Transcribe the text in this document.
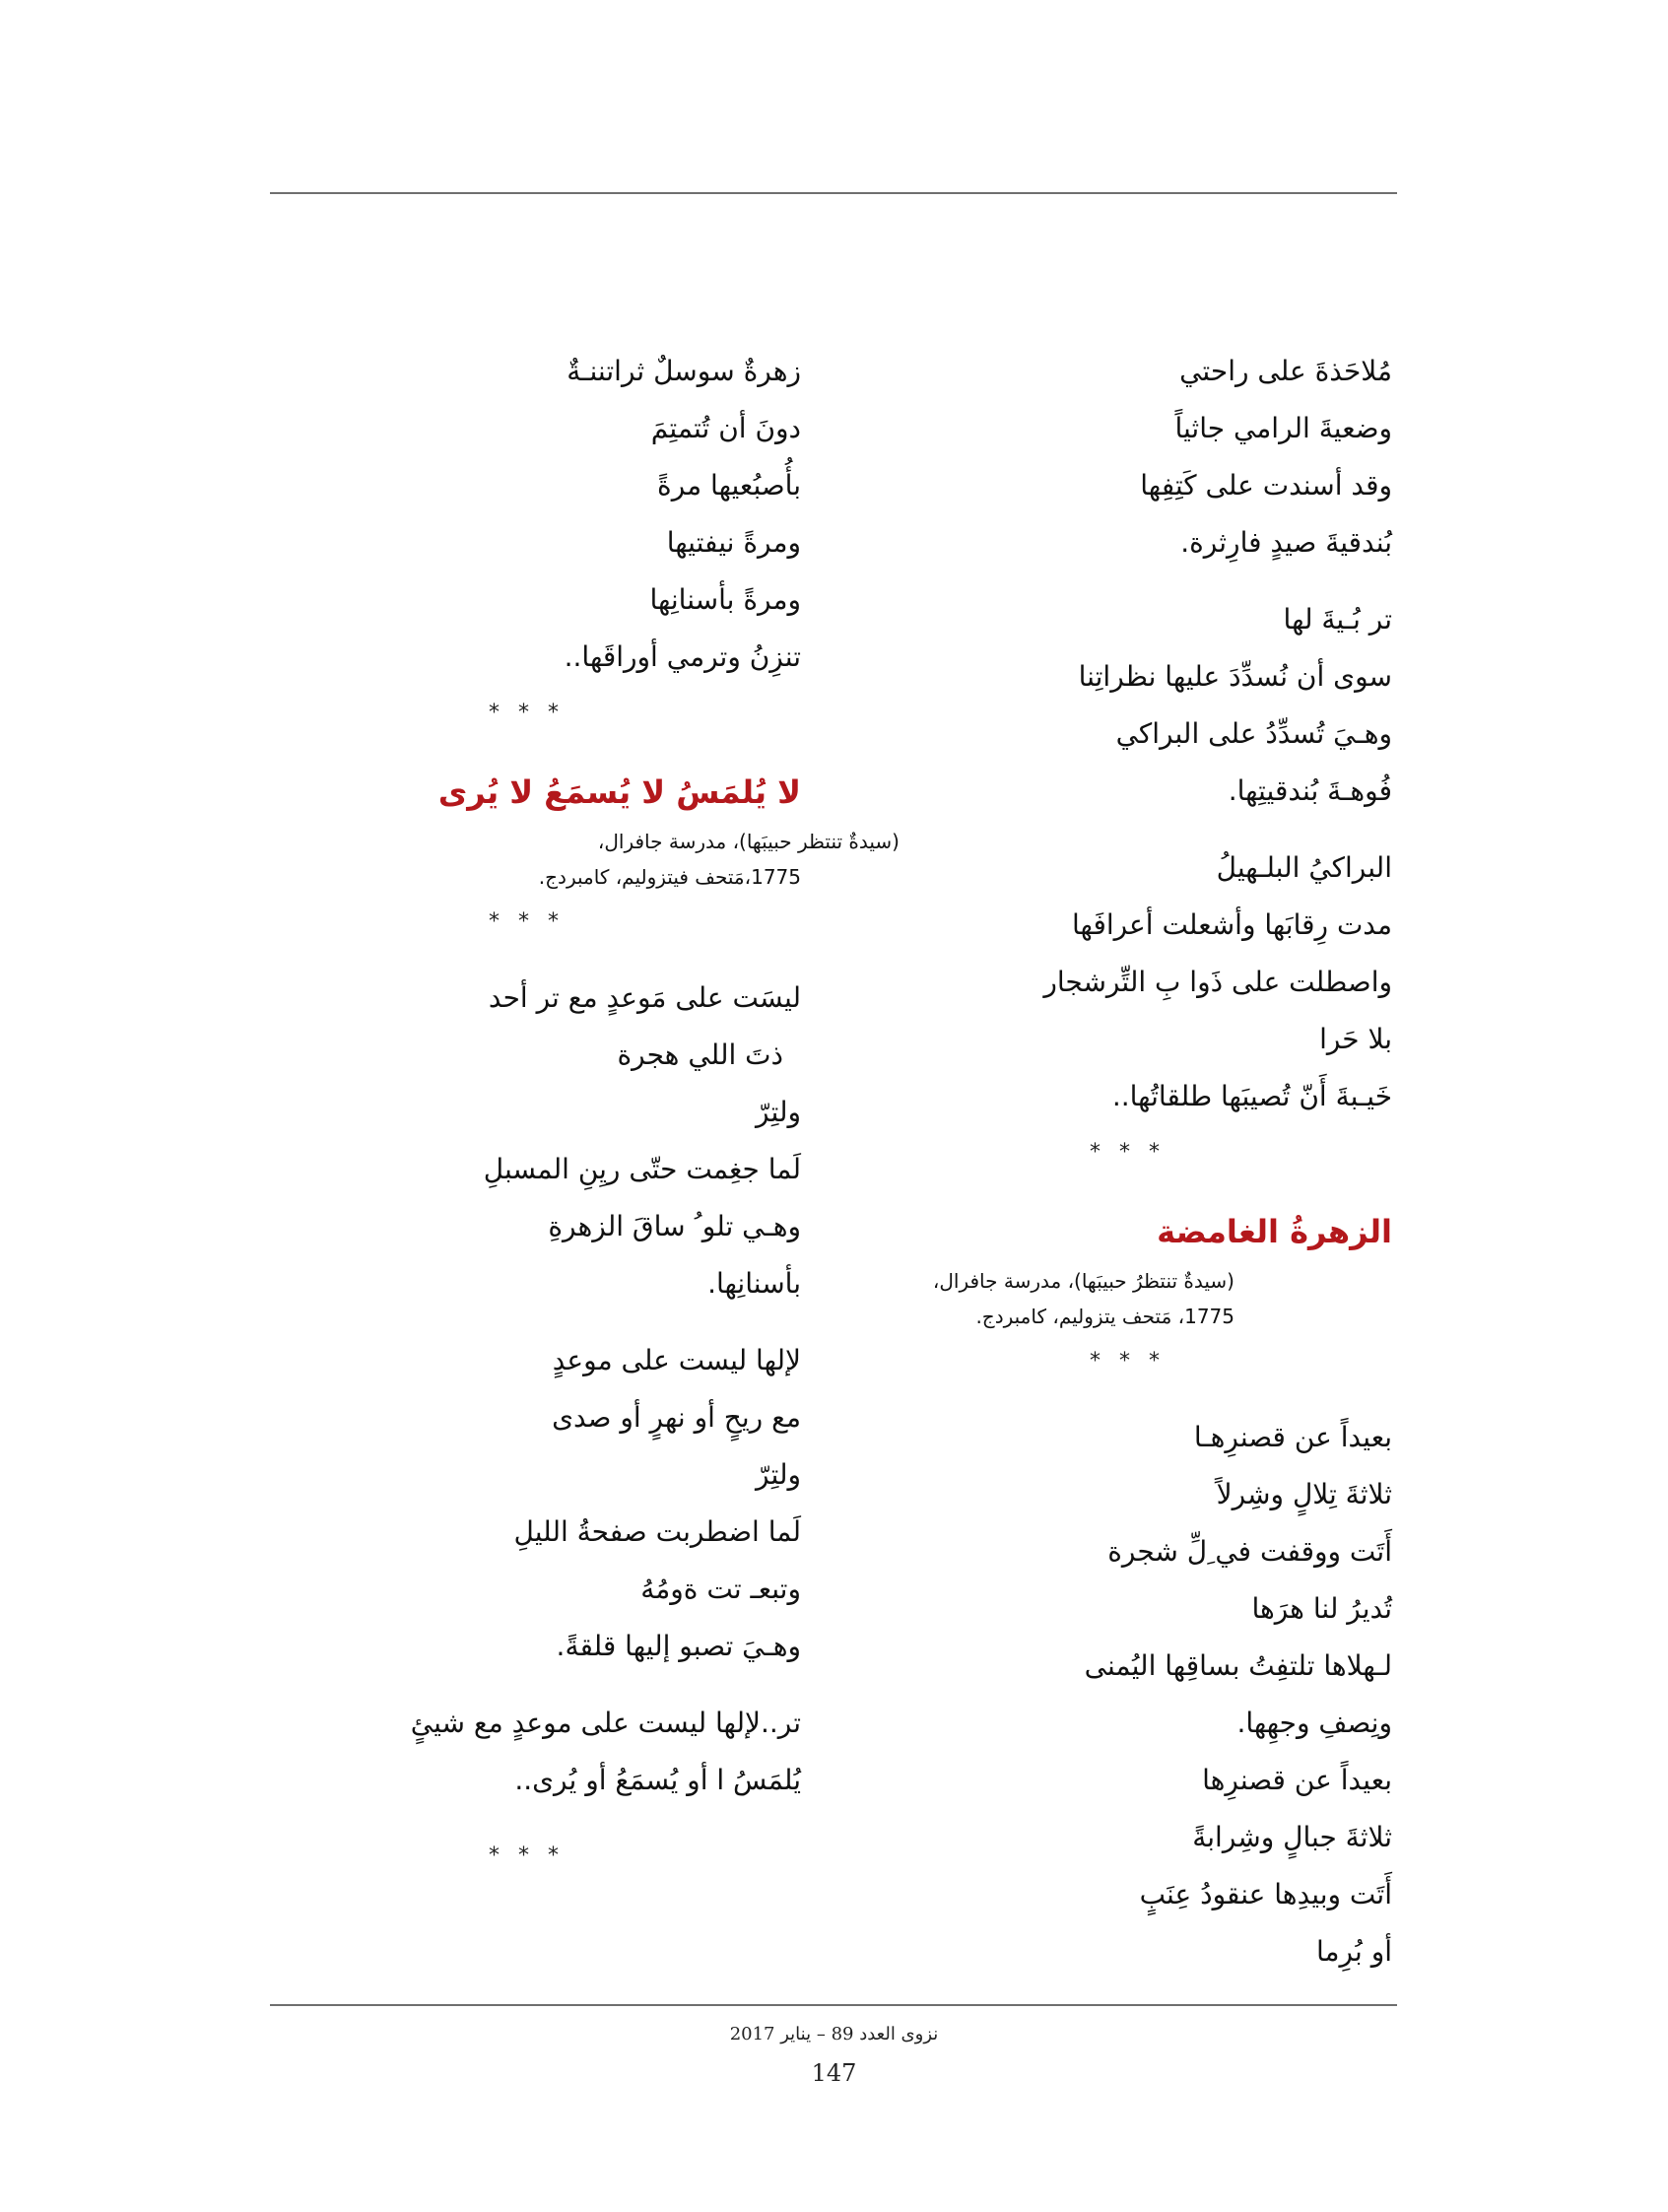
مُلاحَذةَ على راحتي
وضعيةَ الرامي جاثياً
وقد أسندت على كَتِفِها
بُندقيةَ صيدٍ فارِثرة.
تر بُـيةَ لها
سوى أن نُسدِّدَ عليها نظراتِنا
وهـيَ تُسدِّدُ على البراكي
فُوهـةَ بُندقيتِها.
البراكيُ البلـهيلُ
مدت رِقابَها وأشعلت أعرافَها
واصطلت على ذَوا بِ التِّرشجار
بلا حَرا
خَيـبةَ أَنّ تُصيبَها طلقاتُها..
* * *
الزهرةُ الغامضة
(سيدةٌ تنتظرُ حبيبَها)، مدرسة جافرال،
1775، مَتحف يتزوليم، كامبردج.
* * *
بعيداً عن قصنرِهـا
ثلاثةَ تِلالٍ وشِرلاً
أَتَت ووقفت في ِلِّ شجرة
تُديرُ لنا هرَها
لـهلاها تلتفِتُ بساقِها اليُمنى
ونِصفِ وجهِها.
بعيداً عن قصنرِها
ثلاثةَ جبالٍ وشِرابةً
أَتَت وبيدِها عنقودُ عِنَبٍ
أو بُرِما
زهرةٌ سوسلٌ ثراتننـةٌ
دونَ أن تُتمتِمَ
بأُصبُعيها مرةً
ومرةً نيفتيها
ومرةً بأسنانِها
تنزِنُ وترمي أوراقَها..
* * *
لا يُلمَسُ لا يُسمَعُ لا يُرى
(سيدةٌ تنتظر حبيبَها)، مدرسة جافرال،
1775،مَتحف فيتزوليم، كامبردج.
* * *
ليسَت على مَوعدٍ مع تر أحد
ذتَ اللي هجرة
ولتِرّ
لَما جغِمت حتّى ريِنِ المسبلِ
وهـي تلو ُ ساقَ الزهرةِ
بأسنانِها.
لإلها ليست على موعدٍ
مع ريحٍ أو نهرٍ أو صدى
ولتِرّ
لَما اضطربت صفحةُ الليلِ
وتبعـ تت ةومُهُ
وهـيَ تصبو إليها قلقةً.
تر..لإلها ليست على موعدٍ مع شيئٍ
يُلمَسُ ا أو يُسمَعُ أو يُرى..
* * *
نزوى العدد 89 – يناير 2017
147
